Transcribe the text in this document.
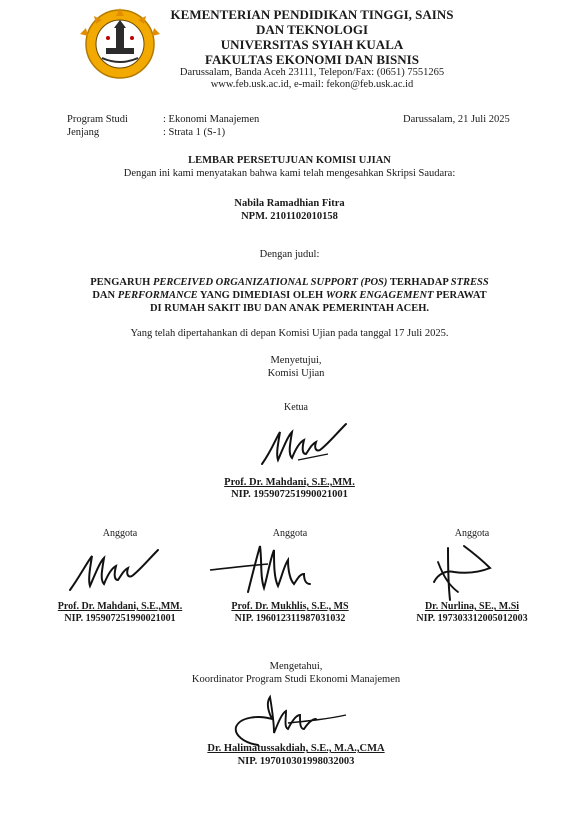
KEMENTERIAN PENDIDIKAN TINGGI, SAINS
DAN TEKNOLOGI
UNIVERSITAS SYIAH KUALA
FAKULTAS EKONOMI DAN BISNIS
Darussalam, Banda Aceh 23111, Telepon/Fax: (0651) 7551265
www.feb.usk.ac.id, e-mail: fekon@feb.usk.ac.id
Program Studi	: Ekonomi Manajemen
Jenjang	: Strata 1 (S-1)
Darussalam, 21 Juli 2025
LEMBAR PERSETUJUAN KOMISI UJIAN
Dengan ini kami menyatakan bahwa kami telah mengesahkan Skripsi Saudara:
Nabila Ramadhian Fitra
NPM. 2101102010158
Dengan judul:
PENGARUH PERCEIVED ORGANIZATIONAL SUPPORT (POS) TERHADAP STRESS
DAN PERFORMANCE YANG DIMEDIASI OLEH WORK ENGAGEMENT PERAWAT
DI RUMAH SAKIT IBU DAN ANAK PEMERINTAH ACEH.
Yang telah dipertahankan di depan Komisi Ujian pada tanggal 17 Juli 2025.
Menyetujui,
Komisi Ujian
Ketua
Prof. Dr. Mahdani, S.E.,MM.
NIP. 195907251990021001
Anggota
Prof. Dr. Mahdani, S.E.,MM.
NIP. 195907251990021001
Anggota
Prof. Dr. Mukhlis, S.E., MS
NIP. 196012311987031032
Anggota
Dr. Nurlina, SE., M.Si
NIP. 197303312005012003
Mengetahui,
Koordinator Program Studi Ekonomi Manajemen
Dr. Halimatussakdiah, S.E., M.A.,CMA
NIP. 197010301998032003
